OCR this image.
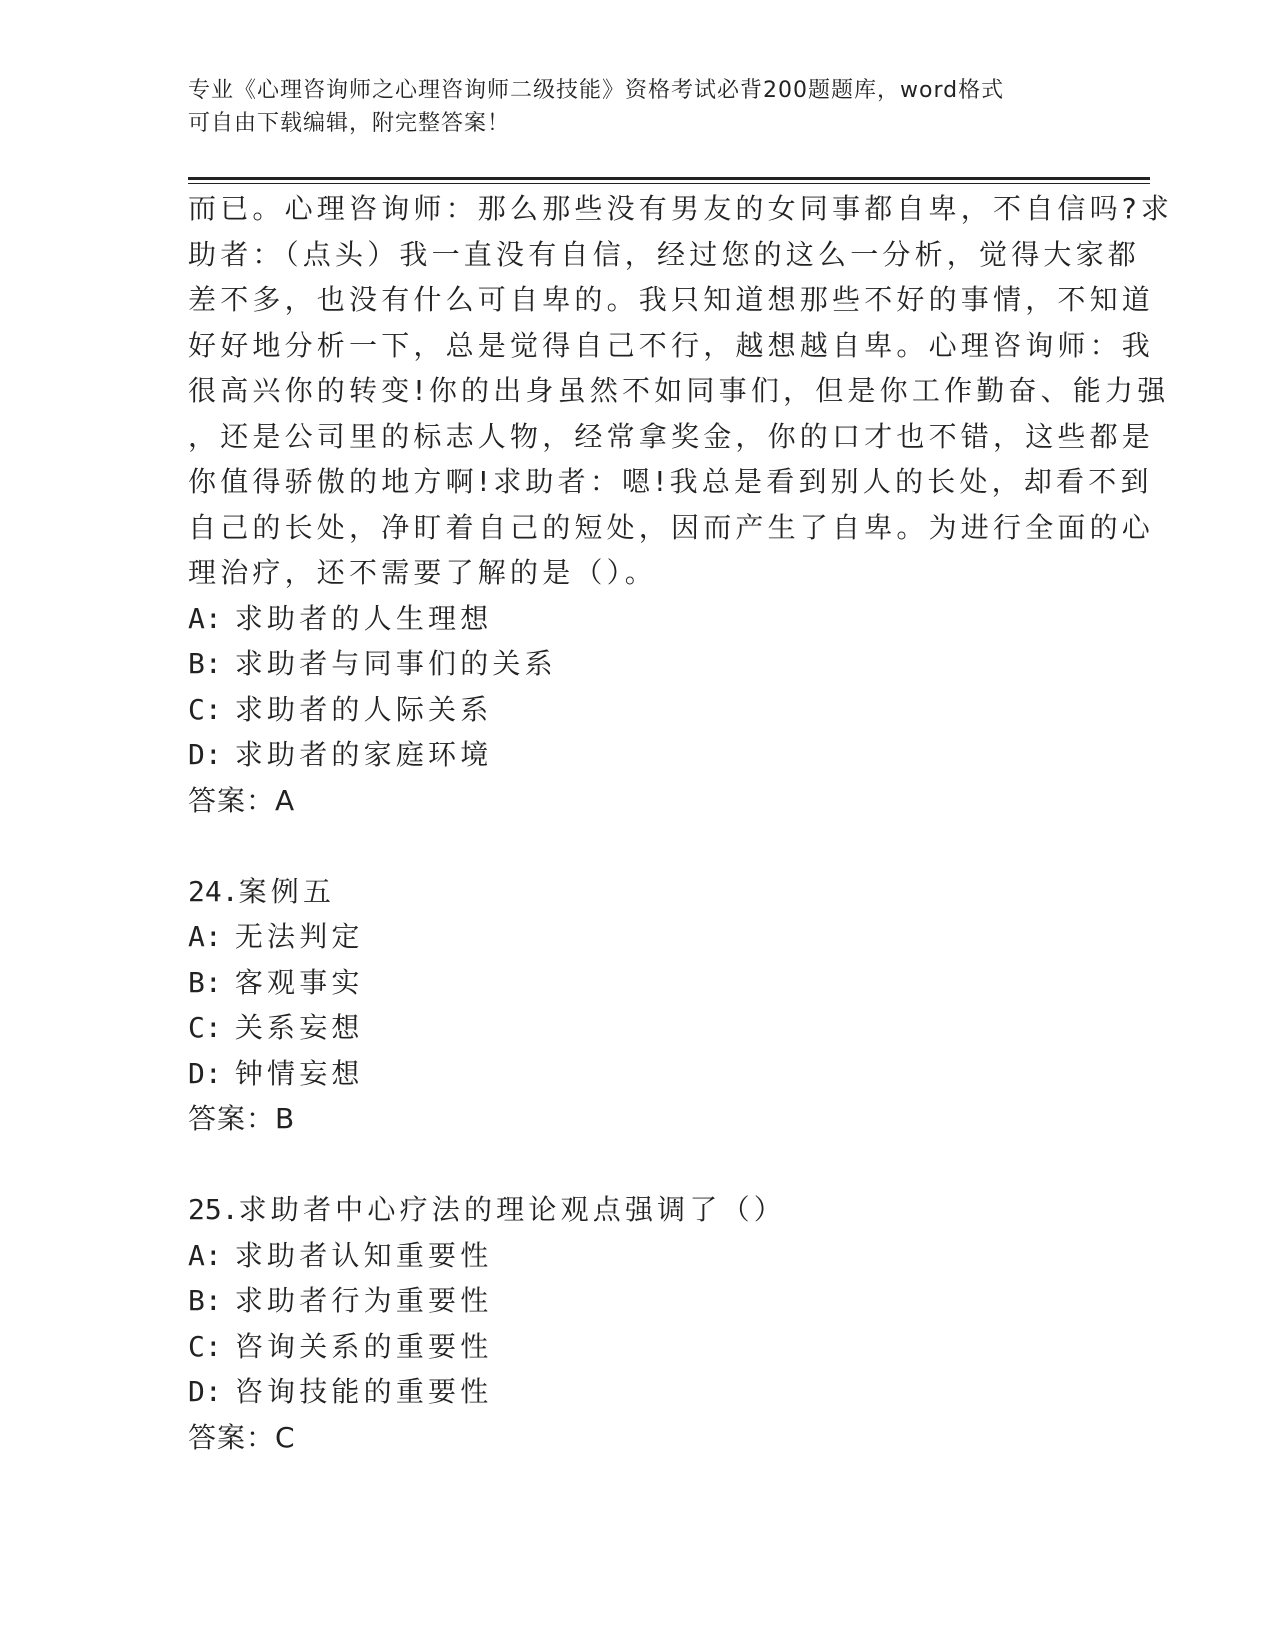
专业《心理咨询师之心理咨询师二级技能》资格考试必背200题题库，word格式
可自由下载编辑，附完整答案！
而已。心理咨询师：那么那些没有男友的女同事都自卑，不自信吗?求
助者：（点头）我一直没有自信，经过您的这么一分析，觉得大家都
差不多，也没有什么可自卑的。我只知道想那些不好的事情，不知道
好好地分析一下，总是觉得自己不行，越想越自卑。心理咨询师：我
很高兴你的转变!你的出身虽然不如同事们，但是你工作勤奋、能力强
，还是公司里的标志人物，经常拿奖金，你的口才也不错，这些都是
你值得骄傲的地方啊!求助者：嗯!我总是看到别人的长处，却看不到
自己的长处，净盯着自己的短处，因而产生了自卑。为进行全面的心
理治疗，还不需要了解的是（）。
A: 求助者的人生理想
B: 求助者与同事们的关系
C: 求助者的人际关系
D: 求助者的家庭环境
答案：A
24.案例五
A: 无法判定
B: 客观事实
C: 关系妄想
D: 钟情妄想
答案：B
25.求助者中心疗法的理论观点强调了（）
A: 求助者认知重要性
B: 求助者行为重要性
C: 咨询关系的重要性
D: 咨询技能的重要性
答案：C
